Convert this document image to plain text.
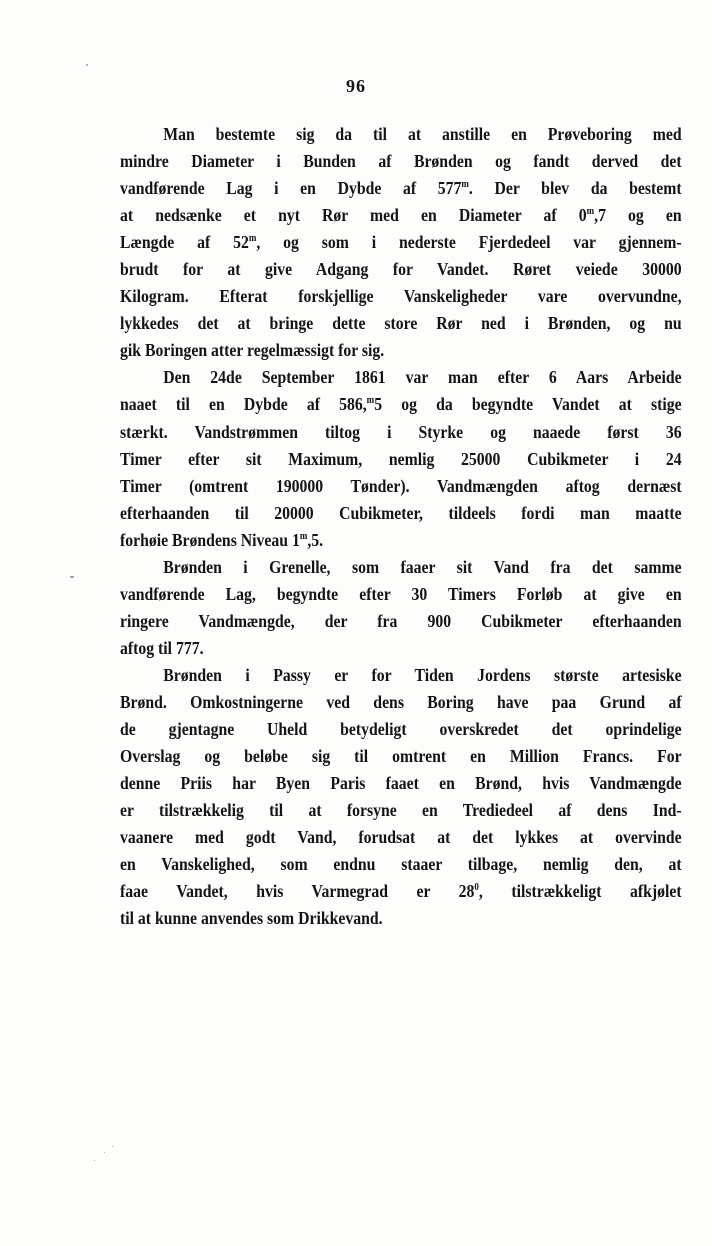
96
Man bestemte sig da til at anstille en Prøveboring med
mindre Diameter i Bunden af Brønden og fandt derved det
vandførende Lag i en Dybde af 577$^m$. Der blev da bestemt
at nedsænke et nyt Rør med en Diameter af 0$^m$,7 og en
Længde af 52$^m$, og som i nederste Fjerdedeel var gjennem-
brudt for at give Adgang for Vandet. Røret veiede 30000
Kilogram. Efterat forskjellige Vanskeligheder vare overvundne,
lykkedes det at bringe dette store Rør ned i Brønden, og nu
gik Boringen atter regelmæssigt for sig.
Den 24de September 1861 var man efter 6 Aars Arbeide
naaet til en Dybde af 586,$^m$5 og da begyndte Vandet at stige
stærkt. Vandstrømmen tiltog i Styrke og naaede først 36
Timer efter sit Maximum, nemlig 25000 Cubikmeter i 24
Timer (omtrent 190000 Tønder). Vandmængden aftog dernæst
efterhaanden til 20000 Cubikmeter, tildeels fordi man maatte
forhøie Brøndens Niveau 1$^m$,5.
Brønden i Grenelle, som faaer sit Vand fra det samme
vandførende Lag, begyndte efter 30 Timers Forløb at give en
ringere Vandmængde, der fra 900 Cubikmeter efterhaanden
aftog til 777.
Brønden i Passy er for Tiden Jordens største artesiske
Brønd. Omkostningerne ved dens Boring have paa Grund af
de gjentagne Uheld betydeligt overskredet det oprindelige
Overslag og beløbe sig til omtrent en Million Francs. For
denne Priis har Byen Paris faaet en Brønd, hvis Vandmængde
er tilstrækkelig til at forsyne en Trediedeel af dens Ind-
vaanere med godt Vand, forudsat at det lykkes at overvinde
en Vanskelighed, som endnu staaer tilbage, nemlig den, at
faae Vandet, hvis Varmegrad er $28^0$, tilstrækkeligt afkjølet
til at kunne anvendes som Drikkevand.
